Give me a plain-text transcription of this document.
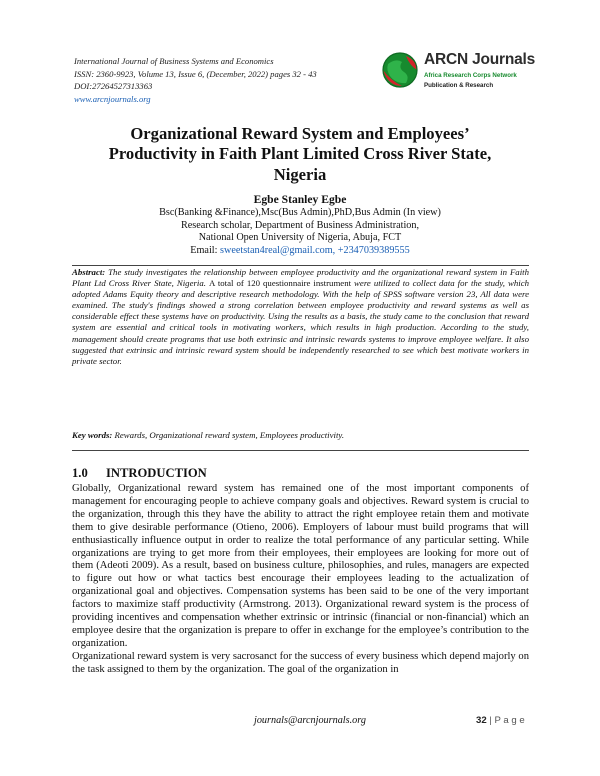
International Journal of Business Systems and Economics
ISSN: 2360-9923, Volume 13, Issue 6, (December, 2022) pages 32 - 43
DOI:27264527313363
www.arcnjournals.org
ARCN Journals
Africa Research Corps Network
Publication & Research
Organizational Reward System and Employees’
Productivity in Faith Plant Limited Cross River State,
Nigeria
Egbe Stanley Egbe
Bsc(Banking &Finance),Msc(Bus Admin),PhD,Bus Admin (In view)
Research scholar, Department of Business Administration,
National Open University of Nigeria, Abuja, FCT
Email: sweetstan4real@gmail.com, +2347039389555
Abstract: The study investigates the relationship between employee productivity and the organizational reward system in Faith Plant Ltd Cross River State, Nigeria. A total of 120 questionnaire instrument were utilized to collect data for the study, which adopted Adams Equity theory and descriptive research methodology. With the help of SPSS software version 23, All data were examined. The study's findings showed a strong correlation between employee productivity and reward systems as well as considerable effect these systems have on productivity. Using the results as a basis, the study came to the conclusion that reward system are essential and critical tools in motivating workers, which results in high production. According to the study, management should create programs that use both extrinsic and intrinsic rewards systems to improve employee welfare. It also suggested that extrinsic and intrinsic reward system should be independently researched to see which best motivate workers in private sector.
Key words: Rewards, Organizational reward system, Employees productivity.
1.0 INTRODUCTION

Globally, Organizational reward system has remained one of the most important components of management for encouraging people to achieve company goals and objectives. Reward system is crucial to the organization, through this they have the ability to attract the right employee retain them and motivate them to give desirable performance (Otieno, 2006). Employers of labour must build programs that will enthusiastically influence output in order to realize the total performance of any particular setting. While organizations are trying to get more from their employees, their employees are looking for more out of them (Adeoti 2009). As a result, based on business culture, philosophies, and rules, managers are expected to figure out how or what tactics best encourage their employees leading to the actualization of organizational goal and objectives. Compensation systems has been said to be one of the very important factors to maximize staff productivity (Armstrong. 2013). Organizational reward system is the process of providing incentives and compensation whether extrinsic or intrinsic (financial or non-financial) which an employee desire that the organization is prepare to offer in exchange for the employee’s contribution to the organization.

Organizational reward system is very sacrosanct for the success of every business which depend majorly on the task assigned to them by the organization. The goal of the organization in

journals@arcnjournals.org	32 | P a g e
